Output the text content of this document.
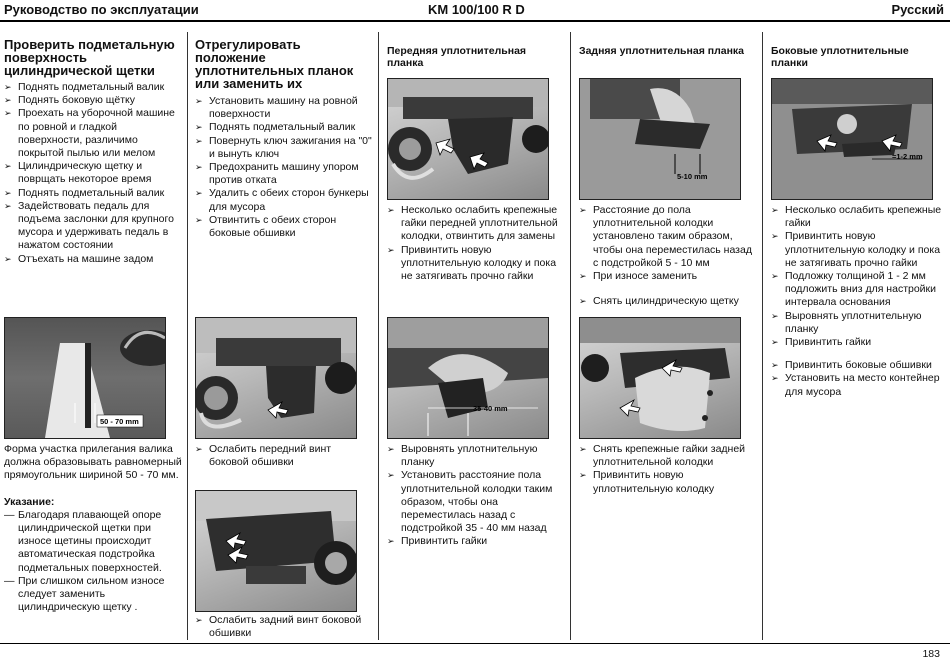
Руководство по эксплуатации	KM 100/100 R D	Русский
Проверить подметальную поверхность цилиндрической щетки
➢ Поднять подметальный валик
➢ Поднять боковую щётку
➢ Проехать на уборочной машине по ровной и гладкой поверхности, различимо покрытой пылью или мелом
➢ Цилиндрическую щетку и поврщать некоторое время
➢ Поднять подметальный валик
➢ Задействовать педаль для подъема заслонки для крупного мусора и удерживать педаль в нажатом состоянии
➢ Отъехать на машине задом
50 - 70 mm
Форма участка прилегания валика должна образовывать равномерный прямоугольник шириной 50 - 70 мм.
Указание:
— Благодаря плавающей опоре цилиндрической щетки при износе щетины происходит автоматическая подстройка подметальных поверхностей.
— При слишком сильном износе следует заменить цилиндрическую щетку .
Отрегулировать положение уплотнительных планок или заменить их
➢ Установить машину на ровной поверхности
➢ Поднять подметальный валик
➢ Повернуть ключ зажигания на "0" и вынуть ключ
➢ Предохранить машину упором против отката
➢ Удалить с обеих сторон бункеры для мусора
➢ Отвинтить с обеих сторон боковые обшивки
➢ Ослабить передний винт боковой обшивки
➢ Ослабить задний винт боковой обшивки
Передняя уплотнительная планка
➢ Несколько ослабить крепежные гайки передней уплотнительной колодки, отвинтить для замены
➢ Привинтить новую уплотнительную колодку и пока не затягивать прочно гайки
35-40 mm
➢ Выровнять уплотнительную планку
➢ Установить расстояние пола уплотнительной колодки таким образом, чтобы она переместилась назад с подстройкой 35 - 40 мм назад
➢ Привинтить гайки
Задняя уплотнительная планка
5-10 mm
➢ Расстояние до пола уплотнительной колодки установлено таким образом, чтобы она переместилась назад с подстройкой 5 - 10 мм
➢ При износе заменить
➢ Снять цилиндрическую щетку
➢ Снять крепежные гайки задней уплотнительной колодки
➢ Привинтить новую уплотнительную колодку
Боковые уплотнительные планки
=1-2 mm
➢ Несколько ослабить крепежные гайки
➢ Привинтить новую уплотнительную колодку и пока не затягивать прочно гайки
➢ Подложку толщиной 1 - 2 мм подложить вниз для настройки интервала основания
➢ Выровнять уплотнительную планку
➢ Привинтить гайки
➢ Привинтить боковые обшивки
➢ Установить на место контейнер для мусора
183
